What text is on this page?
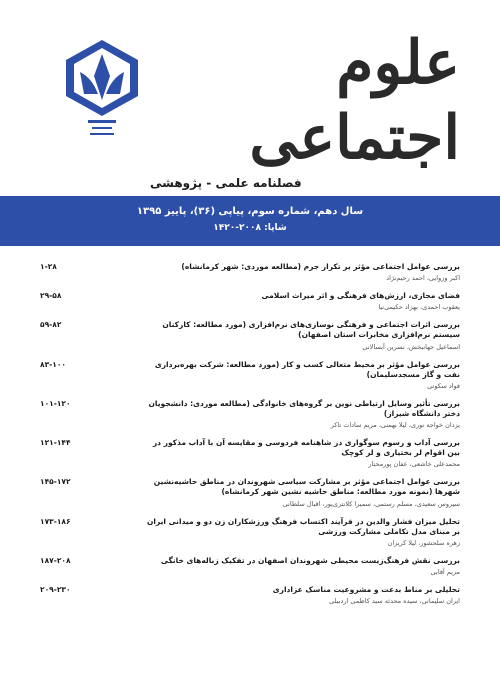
علوم اجتماعی
فصلنامه علمی - پژوهشی
سال دهم، شماره سوم، پیاپی (۳۶)، پاییز ۱۳۹۵
شاپا: ۲۰۰۸-۱۴۲۰
۱-۲۸	بررسی عوامل اجتماعی مؤثر بر تکرار جرم (مطالعه موردی: شهر کرمانشاه)
اکبر وزوایی، احمد رحیم‌نژاد
۲۹-۵۸	فضای مجازی، ارزش‌های فرهنگی و اثر میراث اسلامی
یعقوب احمدی، بهزاد حکیمی‌نیا
۵۹-۸۲	بررسی اثرات اجتماعی و فرهنگی نوسازی‌های نرم‌افزاری (مورد مطالعه: کارکنان سیستم نرم‌افزاری مخابرات استان اصفهان)
اسماعیل جهانبخش، نسرین آبسالانی
۸۳-۱۰۰	بررسی عوامل مؤثر بر محیط متعالی کسب و کار (مورد مطالعه: شرکت بهره‌برداری نفت و گاز مسجدسلیمان)
فواد سکوتی
۱۰۱-۱۲۰	بررسی تأثیر وسایل ارتباطی نوین بر گروه‌های خانوادگی (مطالعه موردی: دانشجویان دختر دانشگاه شیراز)
یزدان خواجه نوری، لیلا بهمنی، مریم سادات تاکر
۱۲۱-۱۴۴	بررسی آداب و رسوم سوگواری در شاهنامه فردوسی و مقایسه آن با آداب مذکور در بین اقوام لر بختیاری و لر کوچک
محمدعلی خاشعی، عفان پورمختار
۱۴۵-۱۷۲	بررسی عوامل اجتماعی مؤثر بر مشارکت سیاسی شهروندان در مناطق حاشیه‌نشین شهرها (نمونه مورد مطالعه: مناطق حاشیه نشین شهر کرمانشاه)
سیروس سعیدی، مسلم رستمی، سمیرا کلانتری‌پور، اقبال سلطانی
۱۷۳-۱۸۶	تحلیل میزان فشار والدین در فرآیند اکتساب فرهنگ ورزشکاران زن دو و میدانی ایران بر مبنای مدل تکاملی مشارکت ورزشی
زهره سلحشور، لیلا کریزان
۱۸۷-۲۰۸	بررسی نقش فرهنگ‌زیست محیطی شهروندان اصفهان در تفکیک زباله‌های خانگی
مریم آقایی
۲۰۹-۲۳۰	تحلیلی بر مناط بدعت و مشروعیت مناسک عزاداری
ایران سلیمانی، سیده محدثه سید کاظمی اردبیلی
